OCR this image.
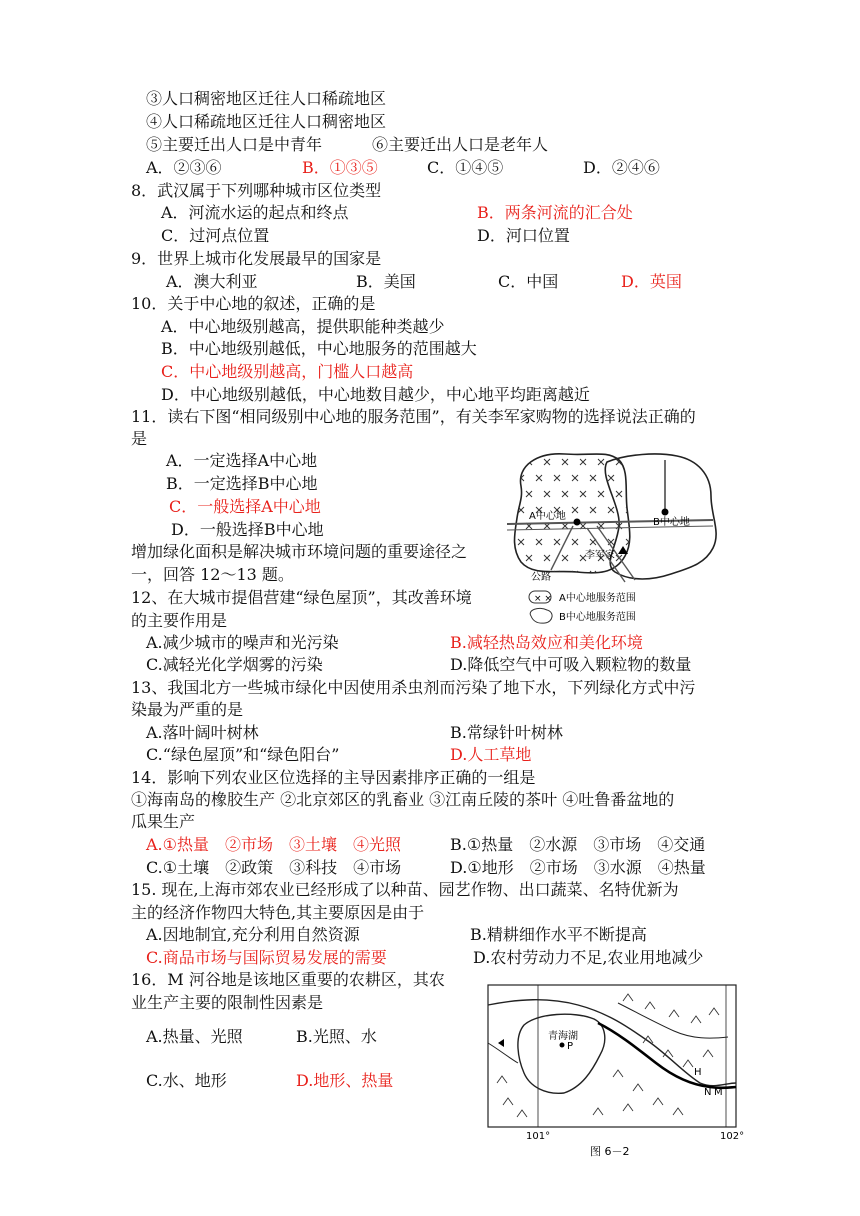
③人口稠密地区迁往人口稀疏地区
④人口稀疏地区迁往人口稠密地区
⑤主要迁出人口是中青年	⑥主要迁出人口是老年人
A．②③⑥	B．①③⑤	C．①④⑤	D．②④⑥
8．武汉属于下列哪种城市区位类型
A．河流水运的起点和终点	B．两条河流的汇合处
C．过河点位置	D．河口位置
9．世界上城市化发展最早的国家是
A．澳大利亚	B．美国	C．中国	D．英国
10．关于中心地的叙述，正确的是
A．中心地级别越高，提供职能种类越少
B．中心地级别越低，中心地服务的范围越大
C．中心地级别越高，门槛人口越高
D．中心地级别越低，中心地数目越少，中心地平均距离越近
11．读右下图“相同级别中心地的服务范围”，有关李军家购物的选择说法正确的
是
A．一定选择A中心地
B．一定选择B中心地
C．一般选择A中心地
D．一般选择B中心地
增加绿化面积是解决城市环境问题的重要途径之
一，回答 12～13 题。
12、在大城市提倡营建“绿色屋顶”，其改善环境
的主要作用是
A.减少城市的噪声和光污染	B.减轻热岛效应和美化环境
C.减轻光化学烟雾的污染	D.降低空气中可吸入颗粒物的数量
13、我国北方一些城市绿化中因使用杀虫剂而污染了地下水，下列绿化方式中污
染最为严重的是
A.落叶阔叶树林	B.常绿针叶树林
C.“绿色屋顶”和“绿色阳台”	D.人工草地
14．影响下列农业区位选择的主导因素排序正确的一组是
①海南岛的橡胶生产 ②北京郊区的乳畜业 ③江南丘陵的茶叶 ④吐鲁番盆地的
瓜果生产
A.①热量　②市场　③土壤　④光照	B.①热量　②水源　③市场　④交通
C.①土壤　②政策　③科技　④市场	D.①地形　②市场　③水源　④热量
15. 现在,上海市郊农业已经形成了以种苗、园艺作物、出口蔬菜、名特优新为
主的经济作物四大特色,其主要原因是由于
A.因地制宜,充分利用自然资源	B.精耕细作水平不断提高
C.商品市场与国际贸易发展的需要	D.农村劳动力不足,农业用地减少
16．M 河谷地是该地区重要的农耕区，其农
业生产主要的限制性因素是
A.热量、光照	B.光照、水
C.水、地形	D.地形、热量
A中心地
B中心地
李军家
公路
× × A中心地服务范围
B中心地服务范围
青海湖
P
H
N M
101°	102°
图 6－2
